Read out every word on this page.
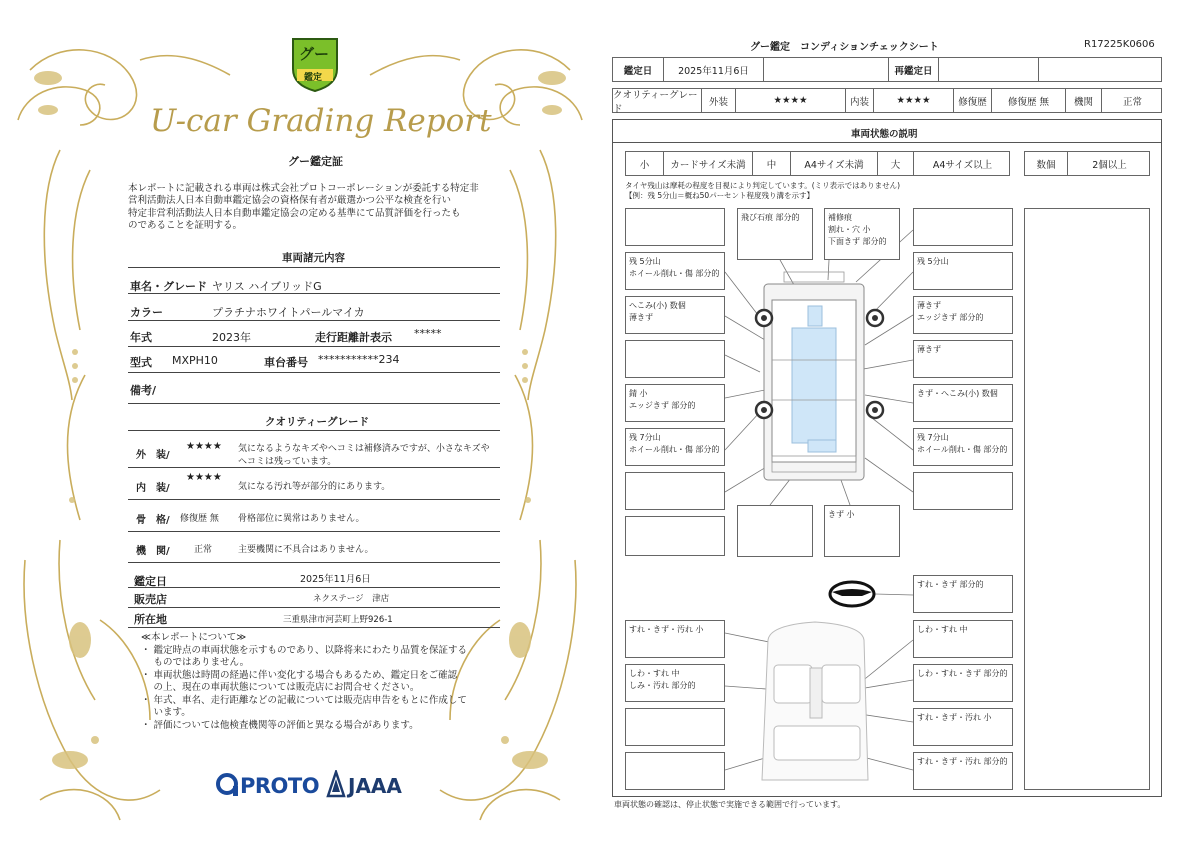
グー
鑑定
U-car Grading Report
グー鑑定証
本レポートに記載される車両は株式会社プロトコーポレーションが委託する特定非
営利活動法人日本自動車鑑定協会の資格保有者が厳選かつ公平な検査を行い
特定非営利活動法人日本自動車鑑定協会の定める基準にて品質評価を行ったも
のであることを証明する。
車両諸元内容
車名・グレード ヤリス ハイブリッドG
カラー	プラチナホワイトパールマイカ
年式	2023年	走行距離計表示 *****
型式 MXPH10	車台番号 ***********234
備考/
クオリティーグレード
外　装/
★★★★ 気になるようなキズやヘコミは補修済みですが、小さなキズや
ヘコミは残っています。
内　装/
★★★★
気になる汚れ等が部分的にあります。
骨　格/ 修復歴 無 骨格部位に異常はありません。
機　関/	正常	主要機関に不具合はありません。
鑑定日	2025年11月6日
販売店	ネクステージ　津店
所在地	三重県津市河芸町上野926-1
≪本レポートについて≫
・ 鑑定時点の車両状態を示すものであり、以降将来にわたり品質を保証する
　 ものではありません。
・ 車両状態は時間の経過に伴い変化する場合もあるため、鑑定日をご確認
　 の上、現在の車両状態については販売店にお問合せください。
・ 年式、車名、走行距離などの記載については販売店申告をもとに作成して
　 います。
・ 評価については他検査機関等の評価と異なる場合があります。
PROTO JAAA
グー鑑定　コンディションチェックシート	R17225K0606
鑑定日	2025年11月6日	再鑑定日
クオリティーグレード
外装	★★★★	内装	★★★★	修復歴	修復歴 無	機関	正常
車両状態の説明
小	カードサイズ未満	中	A4サイズ未満	大	A4サイズ以上	数個	2個以上
タイヤ残山は摩耗の程度を目視により判定しています。(ミリ表示ではありません)
【例：残 5分山＝概ね50パーセント程度残り溝を示す】
飛び石痕 部分的	補修痕
割れ・穴 小
下面きず 部分的
残 5分山
ホイール削れ・傷 部分的
残 5分山
へこみ(小) 数個
薄きず
薄きず
エッジきず 部分的
薄きず
錆 小
エッジきず 部分的
きず・へこみ(小) 数個
残 7分山
ホイール削れ・傷 部分的
残 7分山
ホイール削れ・傷 部分的
きず 小
すれ・きず 部分的
すれ・きず・汚れ 小	しわ・すれ 中
しわ・すれ 中
しみ・汚れ 部分的
しわ・すれ・きず 部分的
すれ・きず・汚れ 小
すれ・きず・汚れ 部分的
車両状態の確認は、停止状態で実施できる範囲で行っています。
